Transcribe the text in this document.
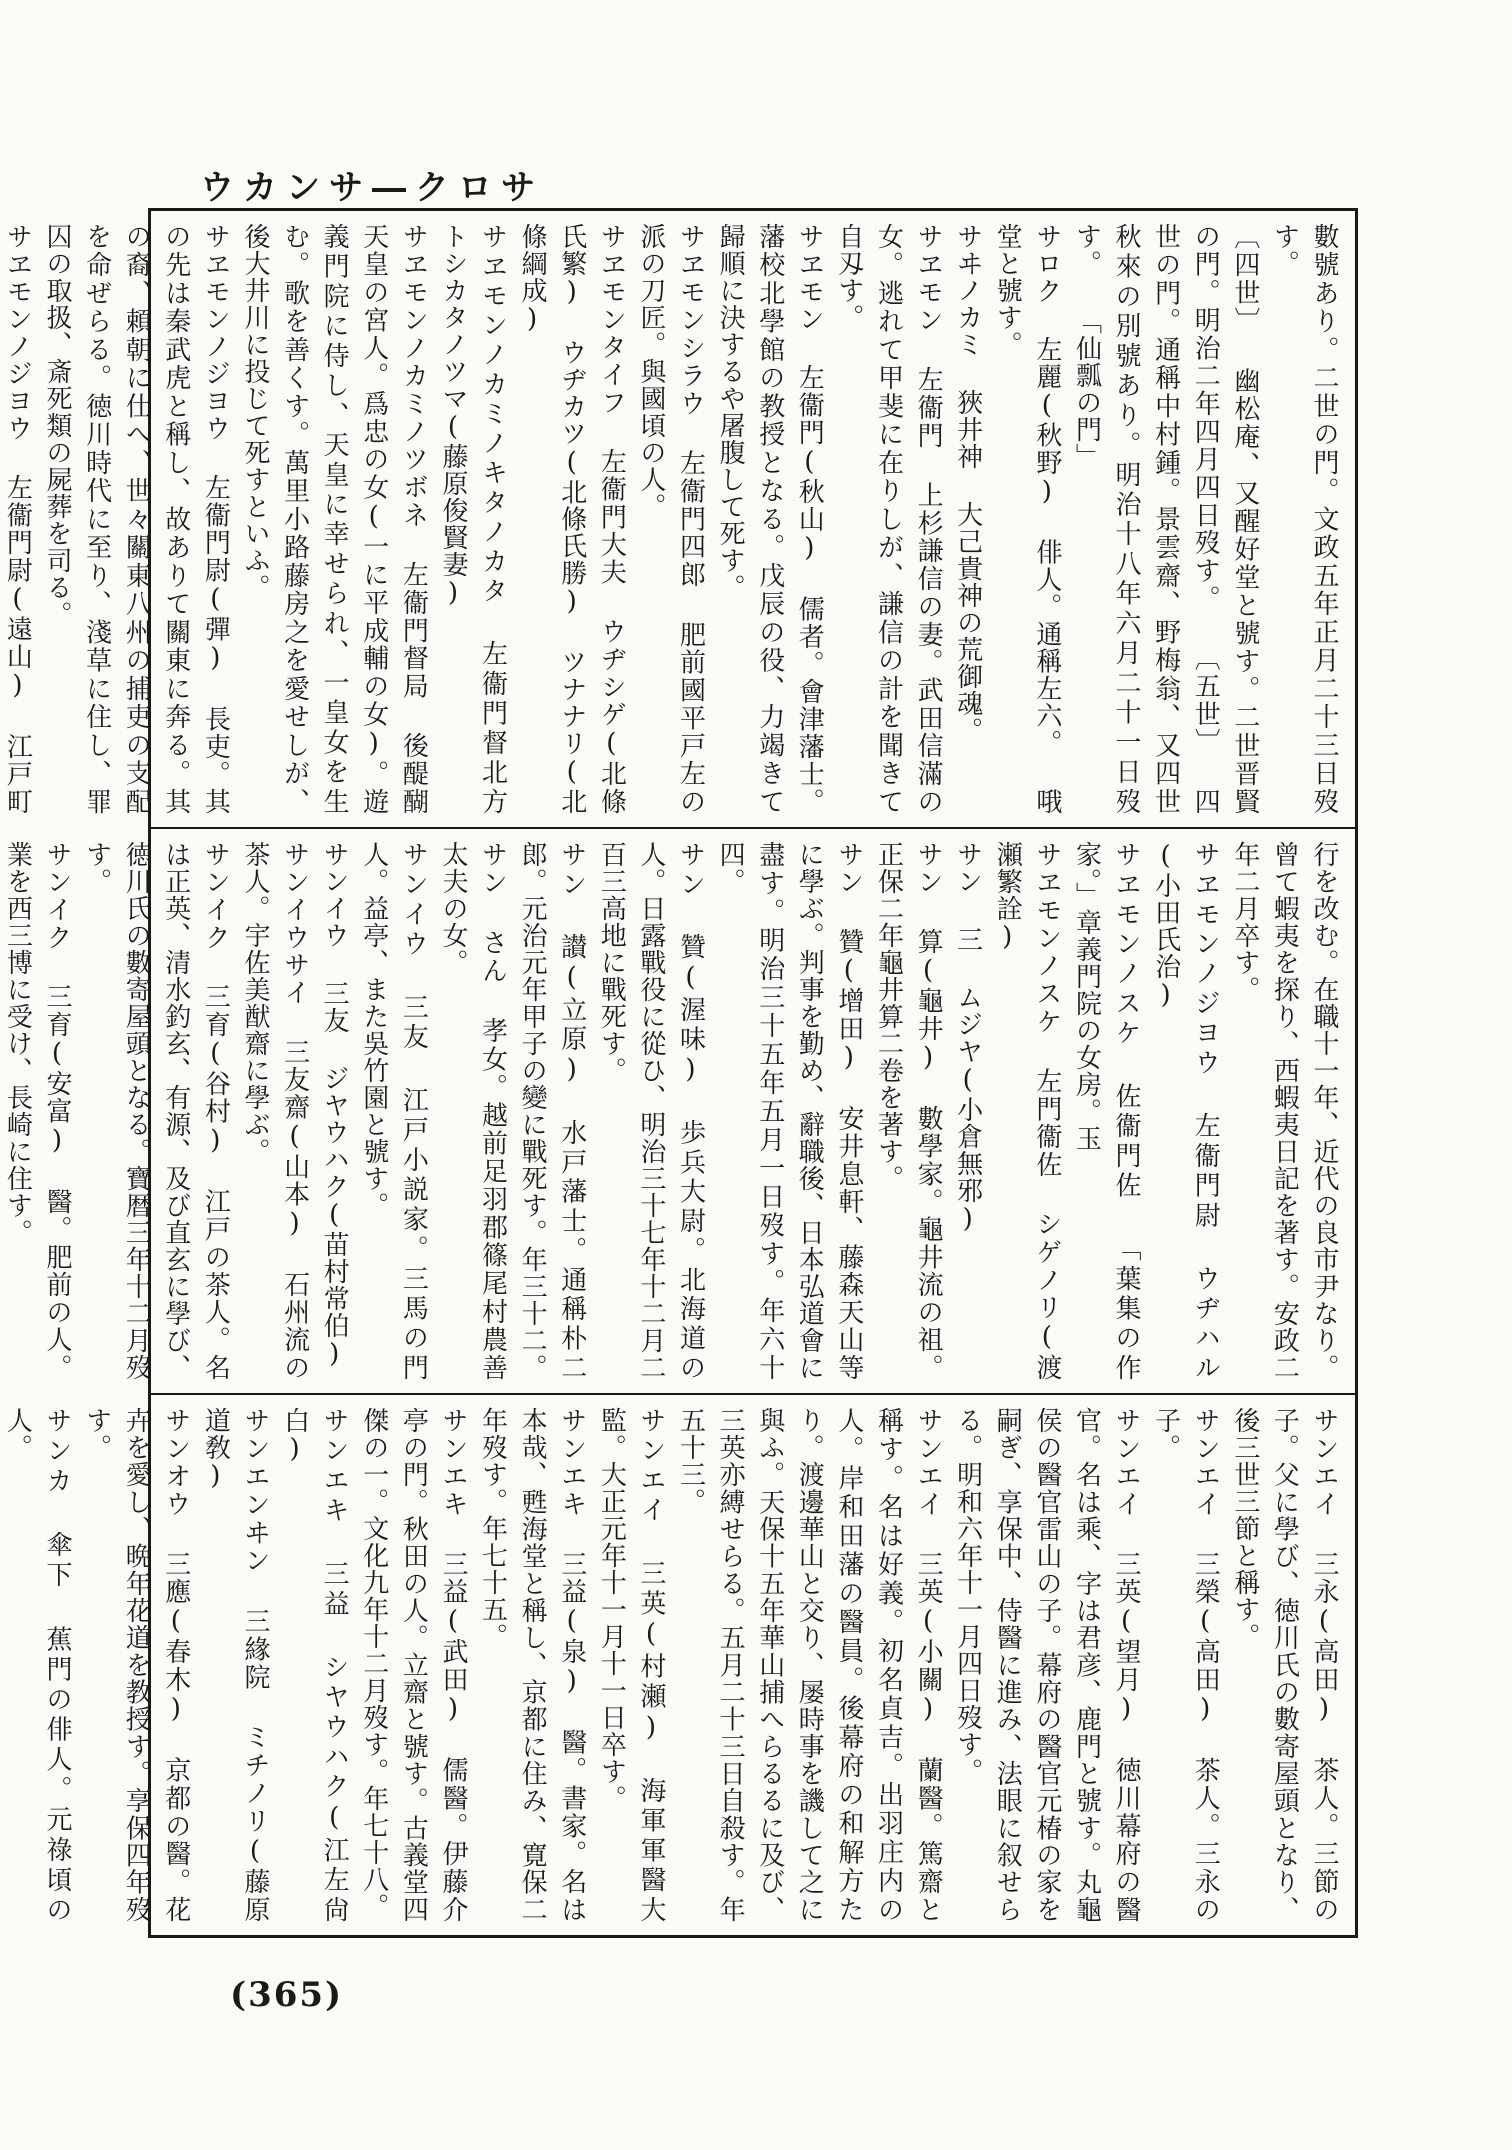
ウカンサ―クロサ
數號あり。二世の門。文政五年正月二十三日歿す。
〔四世〕 幽松庵、又醒好堂と號す。二世晋賢の門。明治二年四月四日歿す。 〔五世〕 四世の門。通稱中村鍾。景雲齋、野梅翁、又四世秋來の別號あり。明治十八年六月二十一日歿す。 「仙瓢の門」
サロク 左麗(秋野) 俳人。通稱左六。 哦堂と號す。
サヰノカミ 狹井神 大己貴神の荒御魂。
サヱモン 左衞門 上杉謙信の妻。武田信滿の女。逃れて甲斐に在りしが、謙信の計を聞きて自刄す。
サヱモン 左衞門(秋山) 儒者。會津藩士。藩校北學館の教授となる。戊辰の役、力竭きて歸順に決するや屠腹して死す。
サヱモンシラウ 左衞門四郎 肥前國平戸左の派の刀匠。與國頃の人。
サヱモンタイフ 左衞門大夫 ウヂシゲ(北條氏繁) ウヂカツ(北條氏勝) ツナナリ(北條綱成)
サヱモンノカミノキタノカタ 左衞門督北方 トシカタノツマ(藤原俊賢妻)
サヱモンノカミノツボネ 左衞門督局 後醍醐天皇の宮人。爲忠の女(一に平成輔の女)。遊義門院に侍し、天皇に幸せられ、一皇女を生む。歌を善くす。萬里小路藤房之を愛せしが、後大井川に投じて死すといふ。
サヱモンノジヨウ 左衞門尉(彈) 長吏。其の先は秦武虎と稱し、故ありて關東に奔る。其の裔、頼朝に仕へ、世々關東八州の捕吏の支配を命ぜらる。徳川時代に至り、淺草に住し、罪囚の取扱、斎死類の屍葬を司る。
サヱモンノジヨウ 左衞門尉(遠山) 江戸町
行を改む。在職十一年、近代の良市尹なり。曾て蝦夷を探り、西蝦夷日記を著す。安政二年二月卒す。
サヱモンノジヨウ 左衞門尉 ウヂハル(小田氏治)
サヱモンノスケ 佐衞門佐 「葉集の作家。」章義門院の女房。玉
サヱモンノスケ 左門衞佐 シゲノリ(渡瀬繁詮)
サン 三 ムジヤ(小倉無邪)
サン 算(龜井) 數學家。龜井流の祖。正保二年龜井算二卷を著す。
サン 贊(增田) 安井息軒、藤森天山等に學ぶ。判事を勤め、辭職後、日本弘道會に盡す。明治三十五年五月一日歿す。年六十四。
サン 贊(渥味) 歩兵大尉。北海道の人。日露戰役に從ひ、明治三十七年十二月二百三高地に戰死す。
サン 讃(立原) 水戸藩士。通稱朴二郎。元治元年甲子の變に戰死す。年三十二。
サン さん 孝女。越前足羽郡篠尾村農善太夫の女。
サンイウ 三友 江戸小説家。三馬の門人。益亭、また吳竹園と號す。
サンイウ 三友 ジヤウハク(苗村常伯)
サンイウサイ 三友齋(山本) 石州流の茶人。宇佐美猷齋に學ぶ。
サンイク 三育(谷村) 江戸の茶人。名は正英、清水釣玄、有源、及び直玄に學び、徳川氏の數寄屋頭となる。寶暦三年十二月歿す。
サンイク 三育(安富) 醫。肥前の人。業を西三博に受け、長崎に住す。
サンエイ 三永(高田) 茶人。三節の子。父に學び、徳川氏の數寄屋頭となり、後三世三節と稱す。
サンエイ 三榮(高田) 茶人。三永の子。
サンエイ 三英(望月) 徳川幕府の醫官。名は乘、字は君彦、鹿門と號す。丸龜侯の醫官雷山の子。幕府の醫官元椿の家を嗣ぎ、享保中、侍醫に進み、法眼に叙せらる。明和六年十一月四日歿す。
サンエイ 三英(小關) 蘭醫。篤齋と稱す。名は好義。初名貞吉。出羽庄内の人。岸和田藩の醫員。後幕府の和解方たり。渡邊華山と交り、屡時事を譏して之に與ふ。天保十五年華山捕へらるるに及び、三英亦縛せらる。五月二十三日自殺す。年五十三。
サンエイ 三英(村瀬) 海軍軍醫大監。大正元年十一月十一日卒す。
サンエキ 三益(泉) 醫。書家。名は本哉、甦海堂と稱し、京都に住み、寛保二年歿す。年七十五。
サンエキ 三益(武田) 儒醫。伊藤介亭の門。秋田の人。立齋と號す。古義堂四傑の一。文化九年十二月歿す。年七十八。
サンエキ 三益 シヤウハク(江左尙白)
サンエンヰン 三緣院 ミチノリ(藤原道敎)
サンオウ 三應(春木) 京都の醫。花卉を愛し、晩年花道を教授す。享保四年歿す。
サンカ 傘下 蕉門の俳人。元祿頃の人。
(365)
